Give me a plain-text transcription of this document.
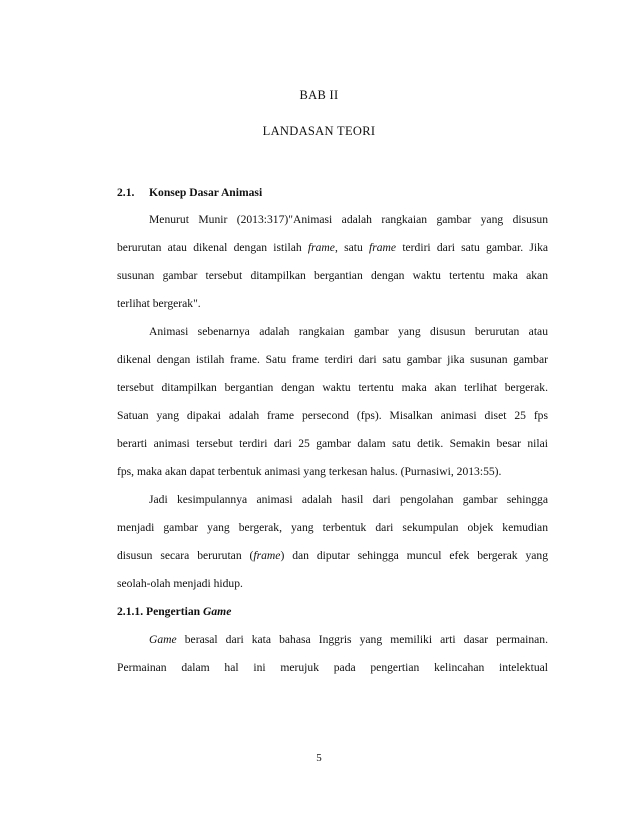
BAB II
LANDASAN TEORI
2.1. Konsep Dasar Animasi
Menurut Munir (2013:317)"Animasi adalah rangkaian gambar yang disusun
berurutan atau dikenal dengan istilah frame, satu frame terdiri dari satu gambar. Jika
susunan gambar tersebut ditampilkan bergantian dengan waktu tertentu maka akan
terlihat bergerak".
Animasi sebenarnya adalah rangkaian gambar yang disusun berurutan atau
dikenal dengan istilah frame. Satu frame terdiri dari satu gambar jika susunan gambar
tersebut ditampilkan bergantian dengan waktu tertentu maka akan terlihat bergerak.
Satuan yang dipakai adalah frame persecond (fps). Misalkan animasi diset 25 fps
berarti animasi tersebut terdiri dari 25 gambar dalam satu detik. Semakin besar nilai
fps, maka akan dapat terbentuk animasi yang terkesan halus. (Purnasiwi, 2013:55).
Jadi kesimpulannya animasi adalah hasil dari pengolahan gambar sehingga
menjadi gambar yang bergerak, yang terbentuk dari sekumpulan objek kemudian
disusun secara berurutan (frame) dan diputar sehingga muncul efek bergerak yang
seolah-olah menjadi hidup.
2.1.1. Pengertian Game
Game berasal dari kata bahasa Inggris yang memiliki arti dasar permainan.
Permainan dalam hal ini merujuk pada pengertian kelincahan intelektual
5
